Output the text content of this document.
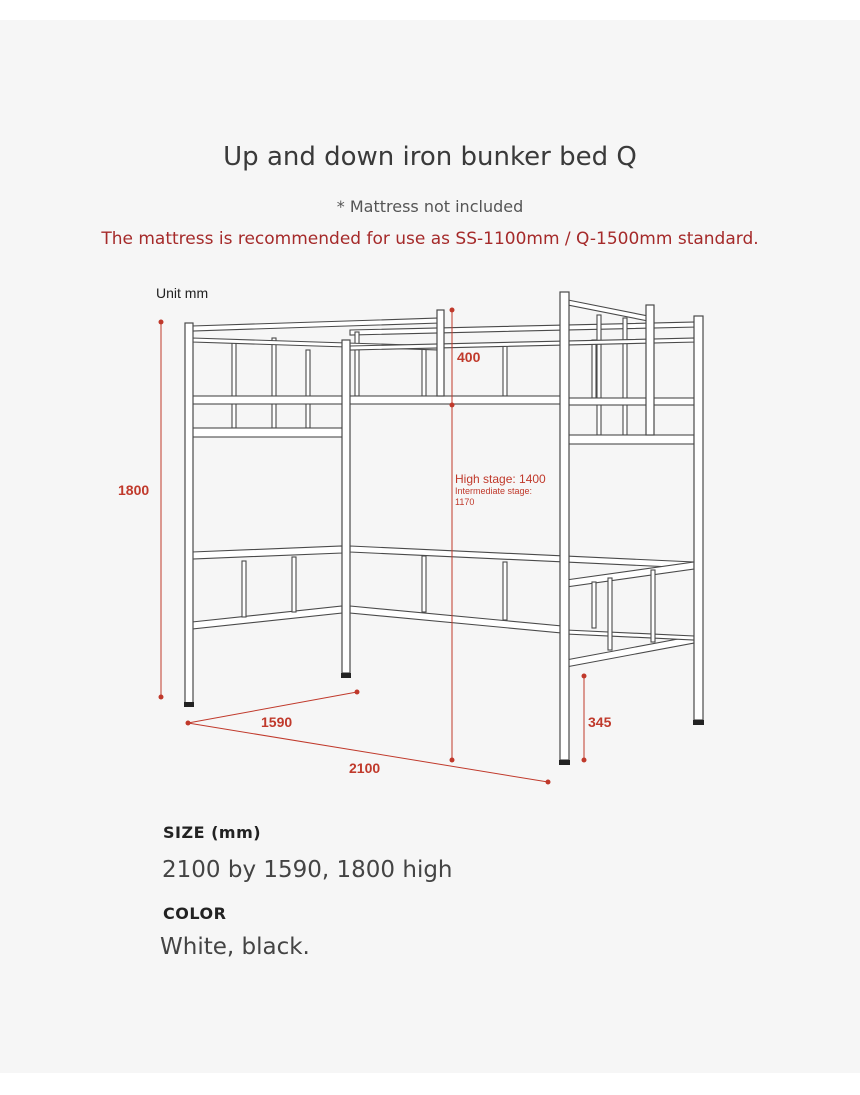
Up and down iron bunker bed Q

* Mattress not included

The mattress is recommended for use as SS-1100mm / Q-1500mm standard.

Unit mm
1800
400
High stage: 1400
Intermediate stage:
1170
1590
2100
345
SIZE (mm)
2100 by 1590, 1800 high
COLOR
White, black.
